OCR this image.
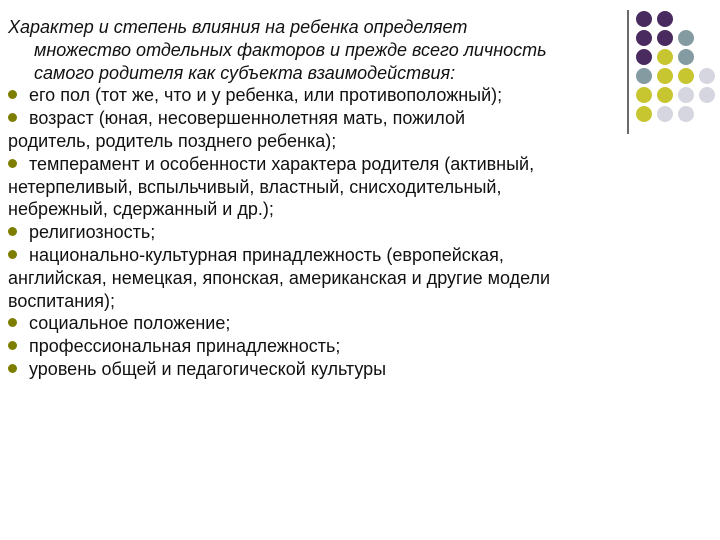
Характер и степень влияния на ребенка определяет
множество отдельных факторов и прежде всего личность
самого родителя как субъекта взаимодействия:
его пол (тот же, что и у ребенка, или противоположный);
возраст (юная, несовершеннолетняя мать, пожилой
родитель, родитель позднего ребенка);
темперамент и особенности характера родителя (активный,
нетерпеливый, вспыльчивый, властный, снисходительный,
небрежный, сдержанный и др.);
религиозность;
национально-культурная принадлежность (европейская,
английская, немецкая, японская, американская и другие модели
воспитания);
социальное положение;
профессиональная принадлежность;
уровень общей и педагогической культуры
